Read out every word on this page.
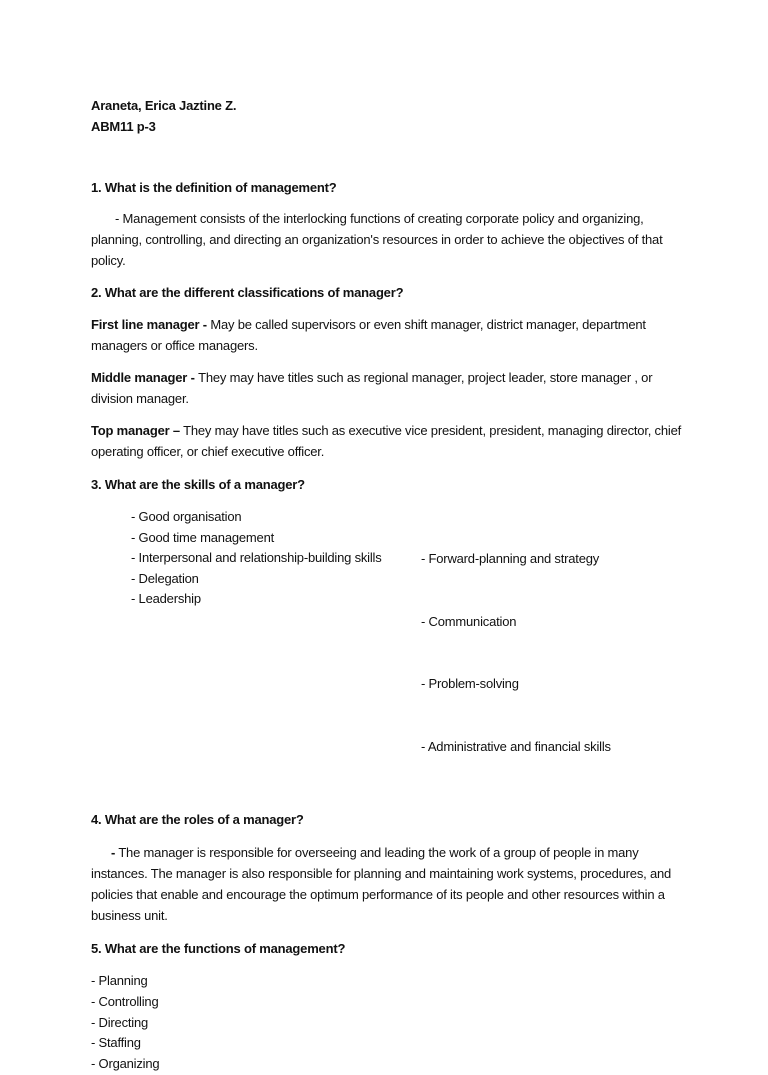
Araneta, Erica Jaztine Z.

ABM11 p-3

1. What is the definition of management?

- Management consists of the interlocking functions of creating corporate policy and organizing, planning, controlling, and directing an organization's resources in order to achieve the objectives of that policy.

2. What are the different classifications of manager?

First line manager - May be called supervisors or even shift manager, district manager, department managers or office managers.

Middle manager - They may have titles such as regional manager, project leader, store manager , or division manager.

Top manager – They may have titles such as executive vice president, president, managing director, chief operating officer, or chief executive officer.

3. What are the skills of a manager?

- Good organisation
- Good time management
- Interpersonal and relationship-building skills
- Delegation
- Leadership

- Forward-planning and strategy

- Communication

- Problem-solving

- Administrative and financial skills

4. What are the roles of a manager?

- The manager is responsible for overseeing and leading the work of a group of people in many instances. The manager is also responsible for planning and maintaining work systems, procedures, and policies that enable and encourage the optimum performance of its people and other resources within a business unit.

5. What are the functions of management?

- Planning
- Controlling
- Directing
- Staffing
- Organizing
